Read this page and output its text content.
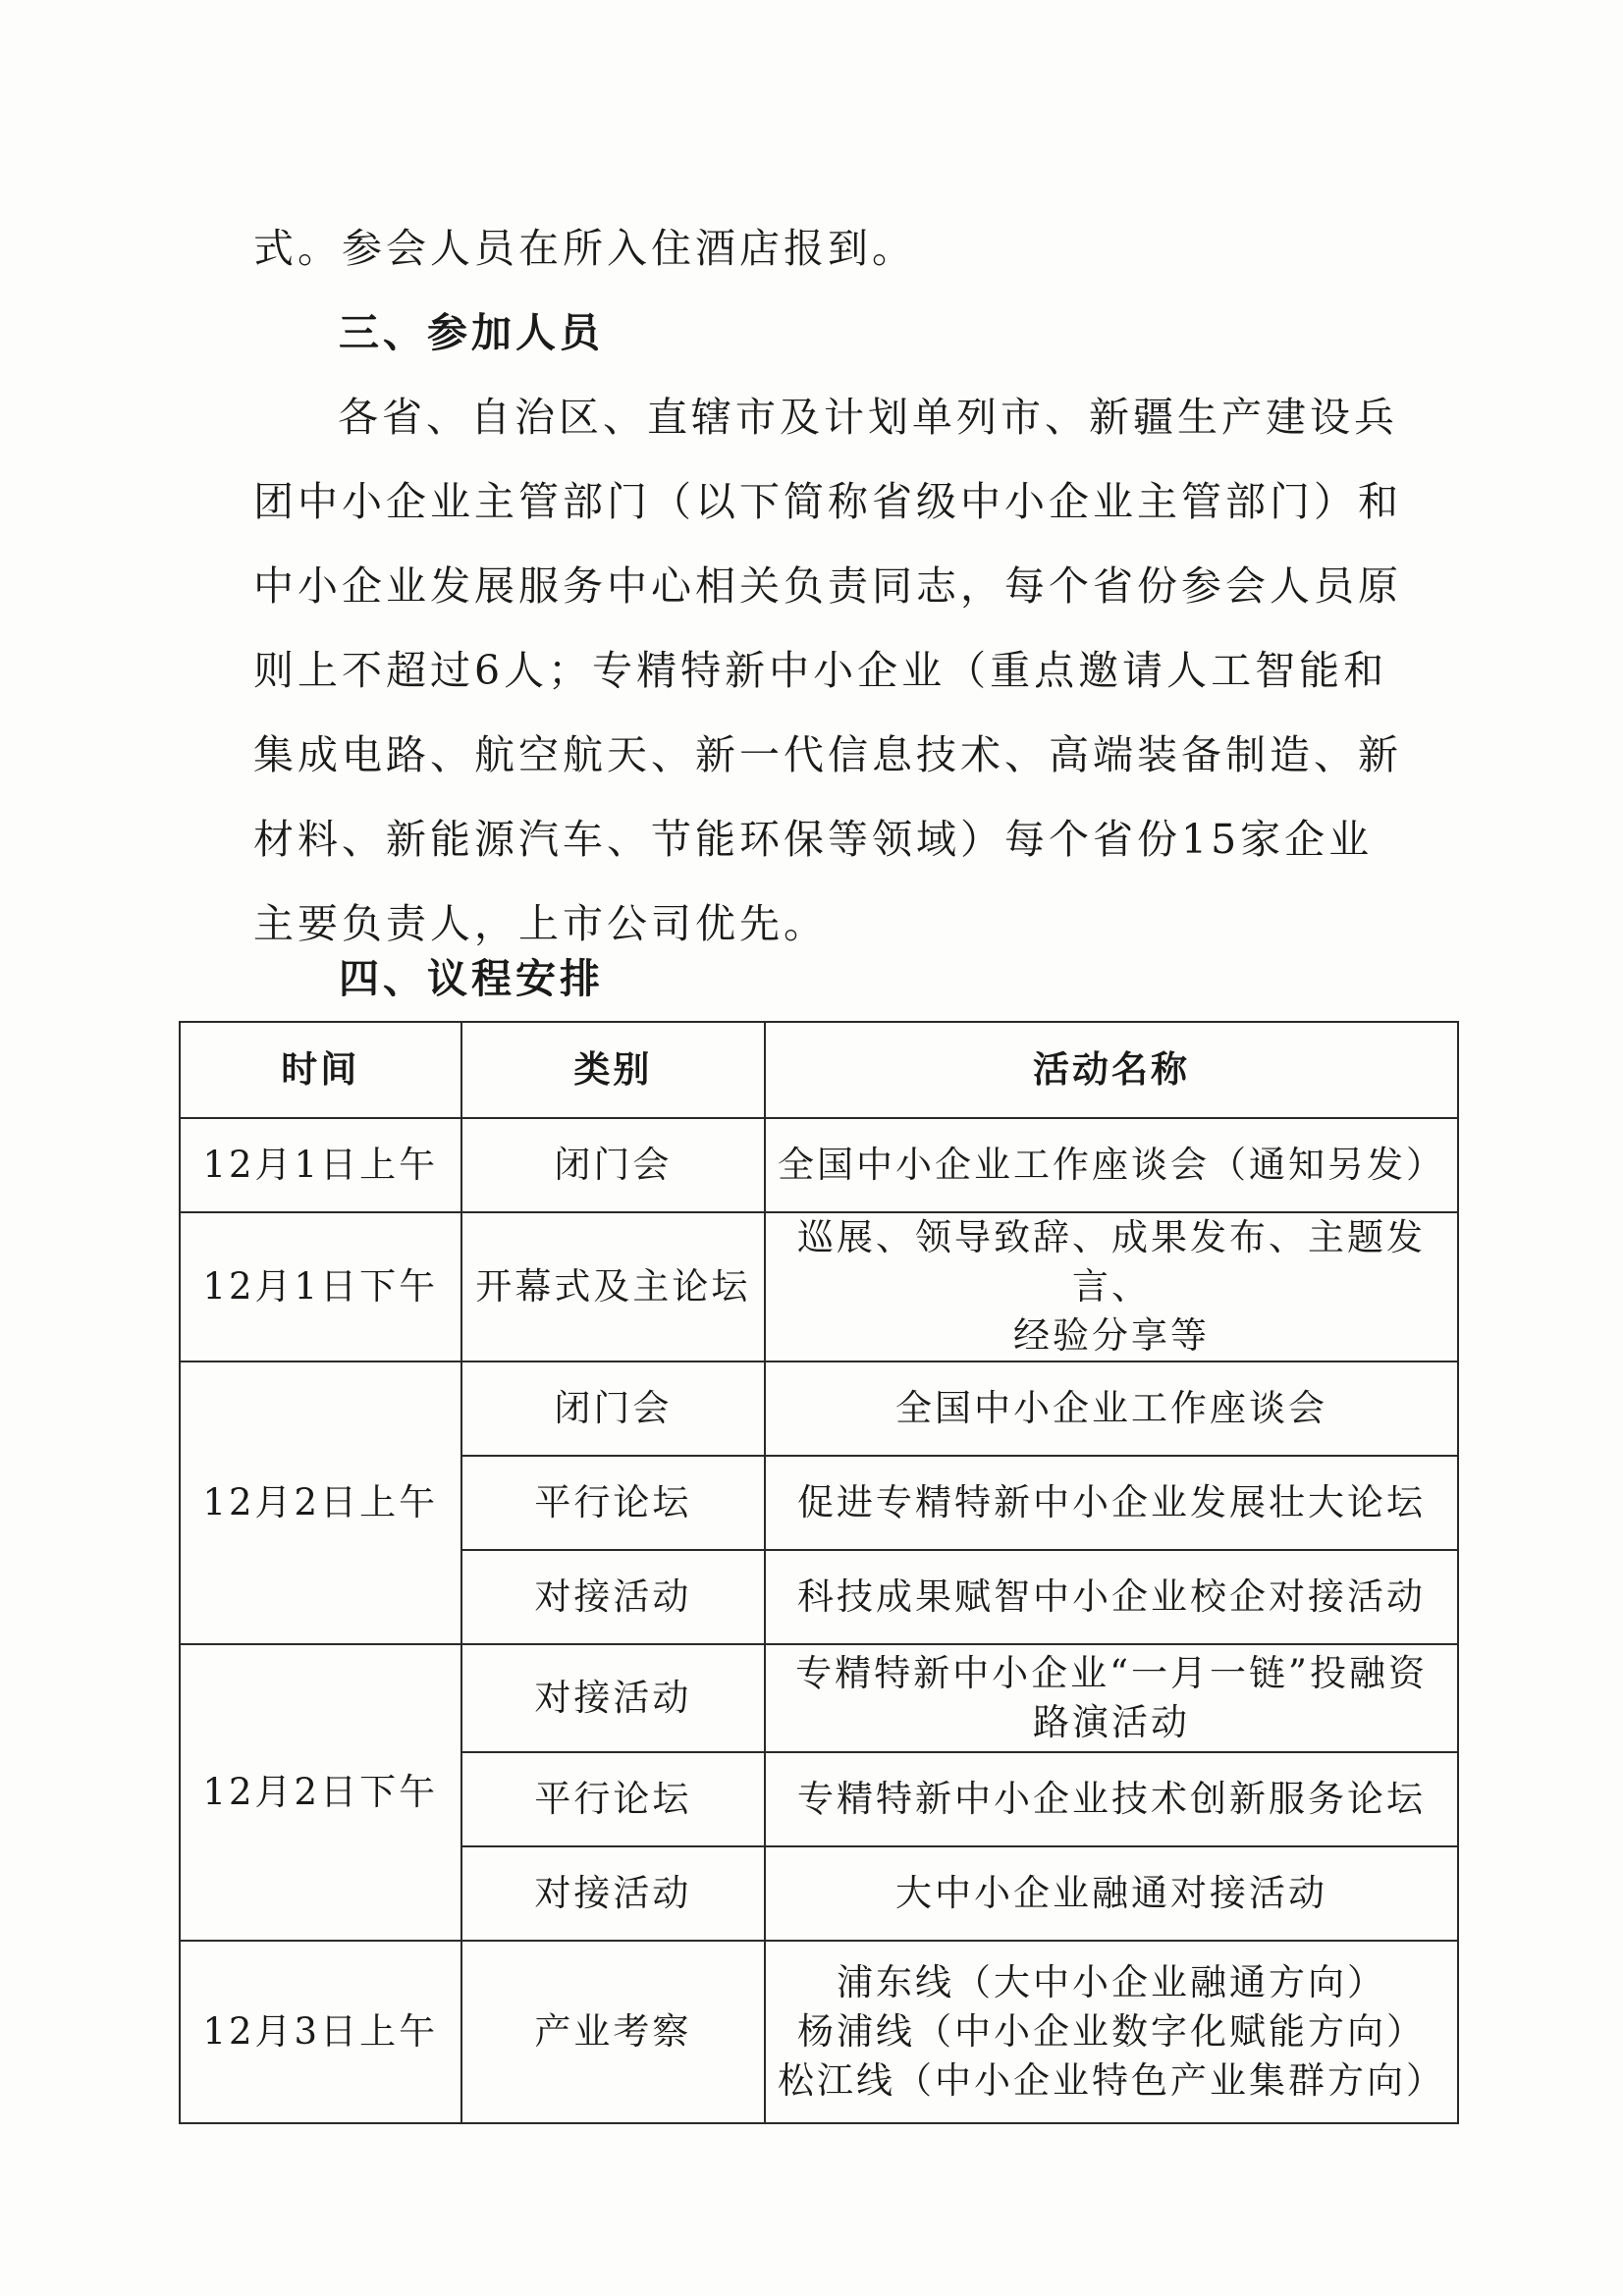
式。参会人员在所入住酒店报到。

三、参加人员

各省、自治区、直辖市及计划单列市、新疆生产建设兵
团中小企业主管部门（以下简称省级中小企业主管部门）和
中小企业发展服务中心相关负责同志，每个省份参会人员原
则上不超过6人；专精特新中小企业（重点邀请人工智能和
集成电路、航空航天、新一代信息技术、高端装备制造、新
材料、新能源汽车、节能环保等领域）每个省份15家企业
主要负责人，上市公司优先。

四、议程安排
时间	类别	活动名称
12月1日上午	闭门会	全国中小企业工作座谈会（通知另发）
12月1日下午	开幕式及主论坛	巡展、领导致辞、成果发布、主题发言、
经验分享等

12月2日上午	闭门会	全国中小企业工作座谈会
	平行论坛	促进专精特新中小企业发展壮大论坛
	对接活动	科技成果赋智中小企业校企对接活动
12月2日下午	对接活动	专精特新中小企业“一月一链”投融资
路演活动

	平行论坛	专精特新中小企业技术创新服务论坛
	对接活动	大中小企业融通对接活动
12月3日上午	产业考察	浦东线（大中小企业融通方向）
杨浦线（中小企业数字化赋能方向）
松江线（中小企业特色产业集群方向）
